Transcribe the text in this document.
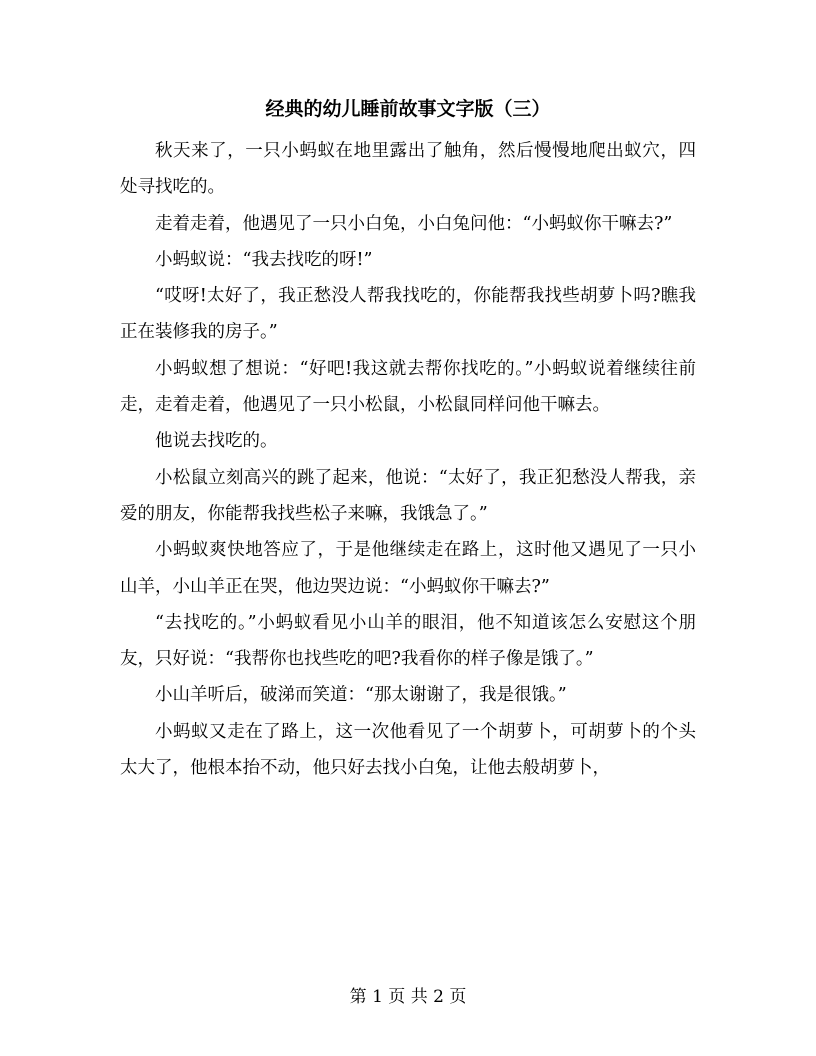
经典的幼儿睡前故事文字版（三）

秋天来了，一只小蚂蚁在地里露出了触角，然后慢慢地爬出蚁穴，四处寻找吃的。

走着走着，他遇见了一只小白兔，小白兔问他：“小蚂蚁你干嘛去?”

小蚂蚁说：“我去找吃的呀!”

“哎呀!太好了，我正愁没人帮我找吃的，你能帮我找些胡萝卜吗?瞧我正在装修我的房子。”

小蚂蚁想了想说：“好吧!我这就去帮你找吃的。”小蚂蚁说着继续往前走，走着走着，他遇见了一只小松鼠，小松鼠同样问他干嘛去。

他说去找吃的。

小松鼠立刻高兴的跳了起来，他说：“太好了，我正犯愁没人帮我，亲爱的朋友，你能帮我找些松子来嘛，我饿急了。”

小蚂蚁爽快地答应了，于是他继续走在路上，这时他又遇见了一只小山羊，小山羊正在哭，他边哭边说：“小蚂蚁你干嘛去?”

“去找吃的。”小蚂蚁看见小山羊的眼泪，他不知道该怎么安慰这个朋友，只好说：“我帮你也找些吃的吧?我看你的样子像是饿了。”

小山羊听后，破涕而笑道：“那太谢谢了，我是很饿。”

小蚂蚁又走在了路上，这一次他看见了一个胡萝卜，可胡萝卜的个头太大了，他根本抬不动，他只好去找小白兔，让他去般胡萝卜，

第 1 页 共 2 页
